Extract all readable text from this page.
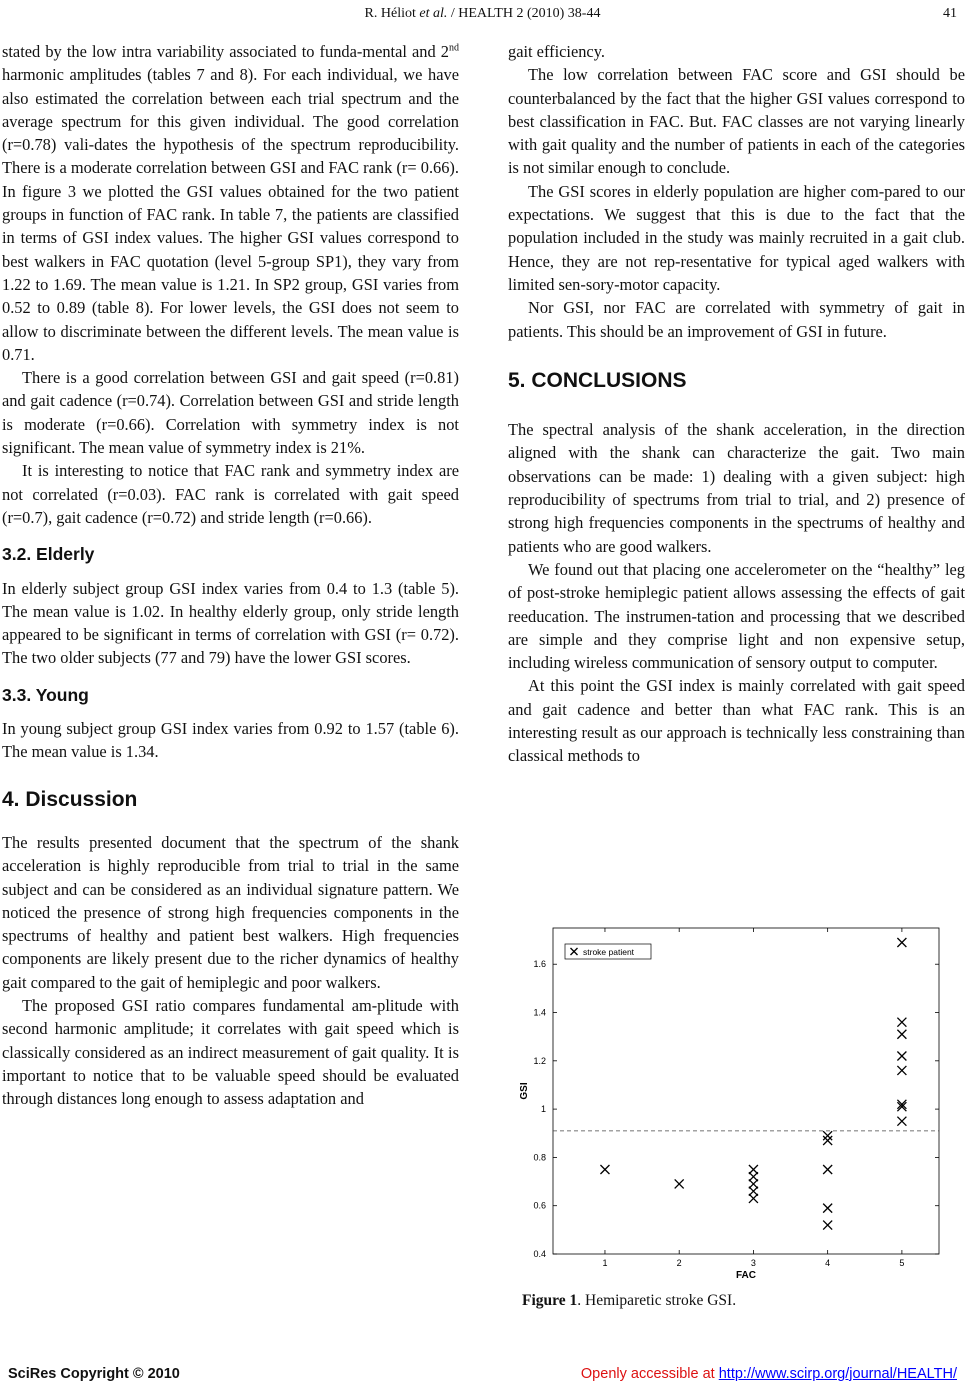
R. Héliot et al. / HEALTH 2 (2010) 38-44	41

stated by the low intra variability associated to funda-mental and 2nd harmonic amplitudes (tables 7 and 8). For each individual, we have also estimated the correlation between each trial spectrum and the average spectrum for this given individual. The good correlation (r=0.78) vali-dates the hypothesis of the spectrum reproducibility. There is a moderate correlation between GSI and FAC rank (r= 0.66). In figure 3 we plotted the GSI values obtained for the two patient groups in function of FAC rank. In table 7, the patients are classified in terms of GSI index values. The higher GSI values correspond to best walkers in FAC quotation (level 5-group SP1), they vary from 1.22 to 1.69. The mean value is 1.21. In SP2 group, GSI varies from 0.52 to 0.89 (table 8). For lower levels, the GSI does not seem to allow to discriminate between the different levels. The mean value is 0.71.

There is a good correlation between GSI and gait speed (r=0.81) and gait cadence (r=0.74). Correlation between GSI and stride length is moderate (r=0.66). Correlation with symmetry index is not significant. The mean value of symmetry index is 21%.

It is interesting to notice that FAC rank and symmetry index are not correlated (r=0.03). FAC rank is correlated with gait speed (r=0.7), gait cadence (r=0.72) and stride length (r=0.66).

3.2. Elderly

In elderly subject group GSI index varies from 0.4 to 1.3 (table 5). The mean value is 1.02. In healthy elderly group, only stride length appeared to be significant in terms of correlation with GSI (r= 0.72). The two older subjects (77 and 79) have the lower GSI scores.

3.3. Young

In young subject group GSI index varies from 0.92 to 1.57 (table 6). The mean value is 1.34.

4. Discussion

The results presented document that the spectrum of the shank acceleration is highly reproducible from trial to trial in the same subject and can be considered as an individual signature pattern. We noticed the presence of strong high frequencies components in the spectrums of healthy and patient best walkers. High frequencies components are likely present due to the richer dynamics of healthy gait compared to the gait of hemiplegic and poor walkers.

The proposed GSI ratio compares fundamental am-plitude with second harmonic amplitude; it correlates with gait speed which is classically considered as an indirect measurement of gait quality. It is important to notice that to be valuable speed should be evaluated through distances long enough to assess adaptation and

gait efficiency.

The low correlation between FAC score and GSI should be counterbalanced by the fact that the higher GSI values correspond to best classification in FAC. But. FAC classes are not varying linearly with gait quality and the number of patients in each of the categories is not similar enough to conclude.

The GSI scores in elderly population are higher com-pared to our expectations. We suggest that this is due to the fact that the population included in the study was mainly recruited in a gait club. Hence, they are not rep-resentative for typical aged walkers with limited sen-sory-motor capacity.

Nor GSI, nor FAC are correlated with symmetry of gait in patients. This should be an improvement of GSI in future.

5. CONCLUSIONS

The spectral analysis of the shank acceleration, in the direction aligned with the shank can characterize the gait. Two main observations can be made: 1) dealing with a given subject: high reproducibility of spectrums from trial to trial, and 2) presence of strong high frequencies components in the spectrums of healthy and patients who are good walkers.

We found out that placing one accelerometer on the “healthy” leg of post-stroke hemiplegic patient allows assessing the effects of gait reeducation. The instrumen-tation and processing that we described are simple and they comprise light and non expensive setup, including wireless communication of sensory output to computer.

At this point the GSI index is mainly correlated with gait speed and gait cadence and better than what FAC rank. This is an interesting result as our approach is technically less constraining than classical methods to

1	2	3	4	5
0.4
0.6
0.8
1
1.2
1.4
1.6
FAC
GSI
stroke patient
Figure 1. Hemiparetic stroke GSI.
SciRes Copyright © 2010	Openly accessible at http://www.scirp.org/journal/HEALTH/
